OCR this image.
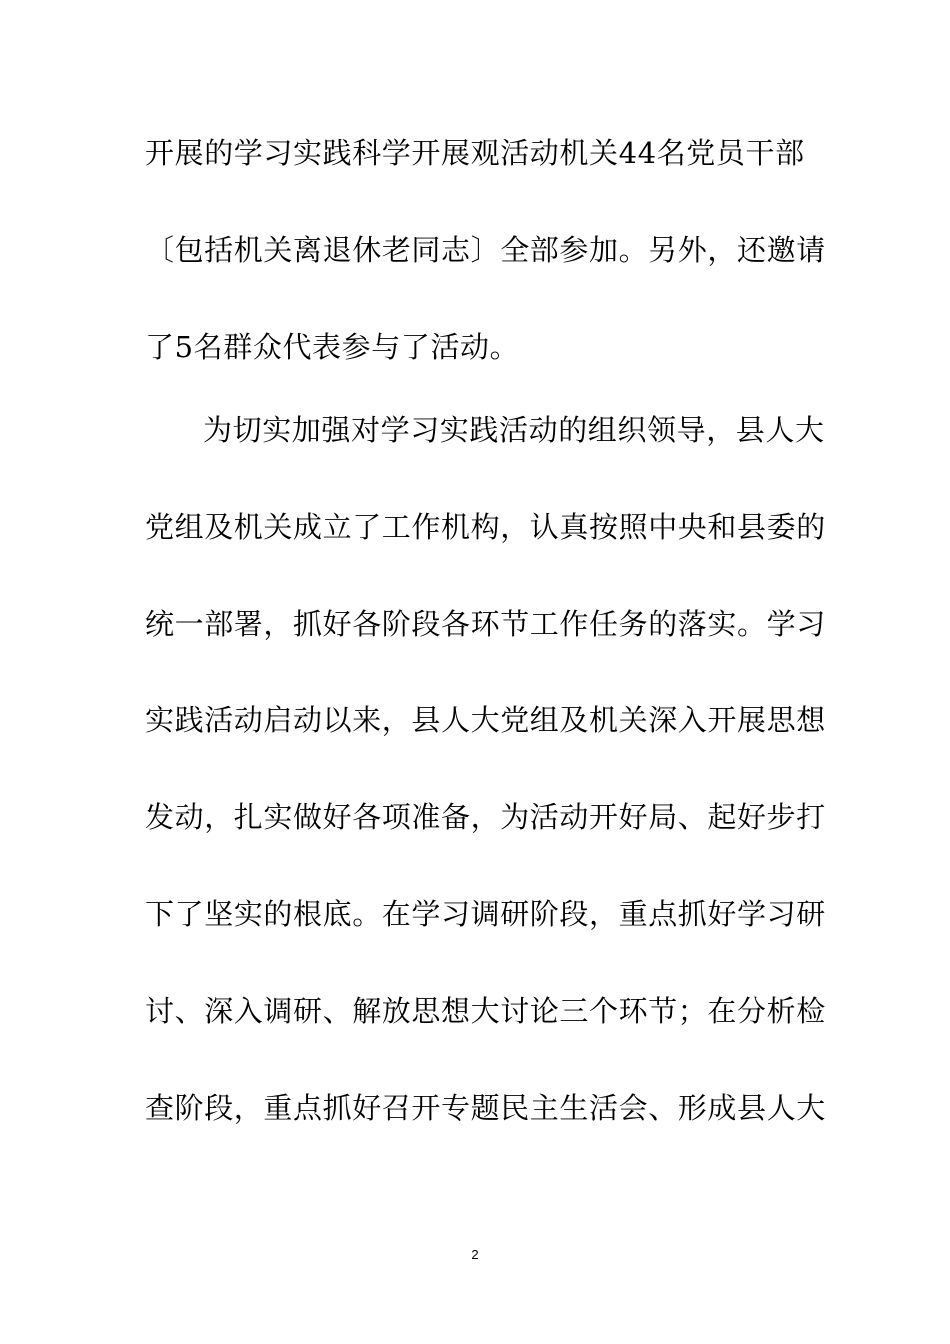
开展的学习实践科学开展观活动机关44名党员干部
〔包括机关离退休老同志〕全部参加。另外，还邀请
了5名群众代表参与了活动。
为切实加强对学习实践活动的组织领导，县人大
党组及机关成立了工作机构，认真按照中央和县委的
统一部署，抓好各阶段各环节工作任务的落实。学习
实践活动启动以来，县人大党组及机关深入开展思想
发动，扎实做好各项准备，为活动开好局、起好步打
下了坚实的根底。在学习调研阶段，重点抓好学习研
讨、深入调研、解放思想大讨论三个环节；在分析检
查阶段，重点抓好召开专题民主生活会、形成县人大
2
